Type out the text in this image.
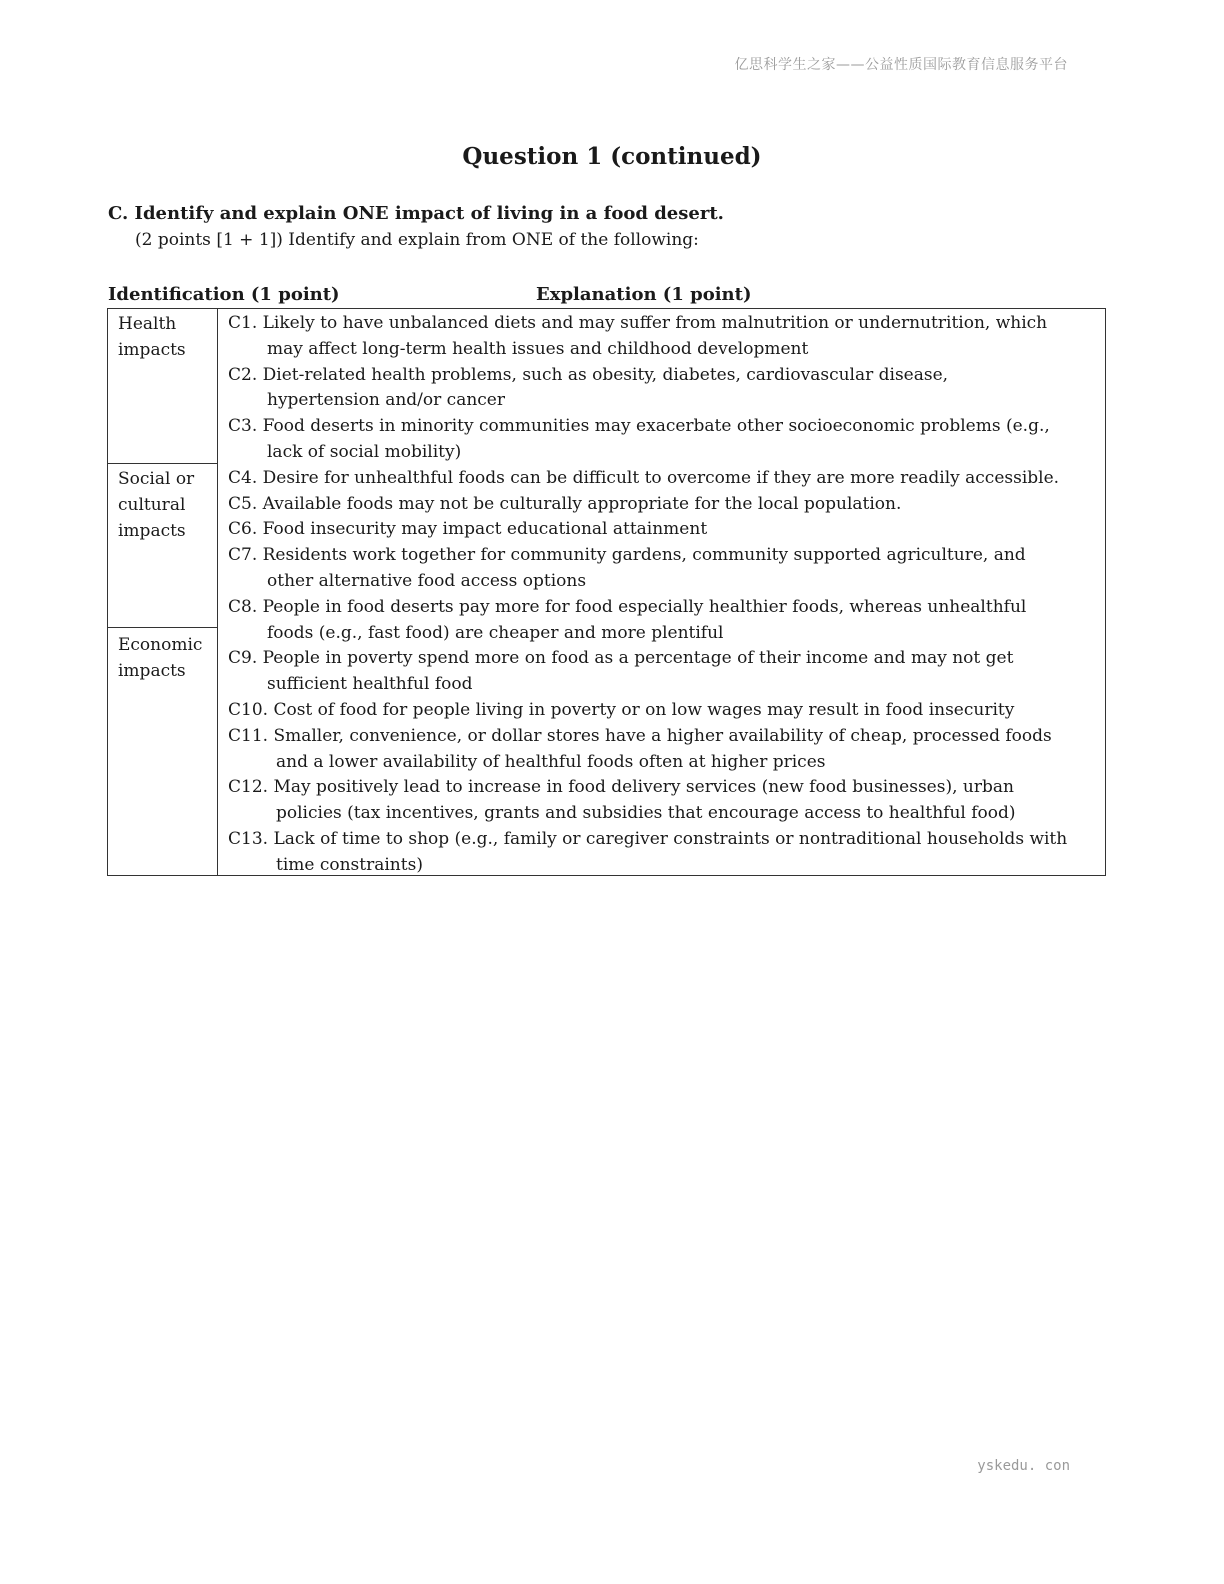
亿思科学生之家——公益性质国际教育信息服务平台
Question 1 (continued)
C. Identify and explain ONE impact of living in a food desert.
(2 points [1 + 1]) Identify and explain from ONE of the following:
Identification (1 point)	Explanation (1 point)
Health
impacts
Social or
cultural
impacts
Economic
impacts
C1. Likely to have unbalanced diets and may suffer from malnutrition or undernutrition, which
may affect long-term health issues and childhood development
C2. Diet-related health problems, such as obesity, diabetes, cardiovascular disease,
hypertension and/or cancer
C3. Food deserts in minority communities may exacerbate other socioeconomic problems (e.g.,
lack of social mobility)
C4. Desire for unhealthful foods can be difficult to overcome if they are more readily accessible.
C5. Available foods may not be culturally appropriate for the local population.
C6. Food insecurity may impact educational attainment
C7. Residents work together for community gardens, community supported agriculture, and
other alternative food access options
C8. People in food deserts pay more for food especially healthier foods, whereas unhealthful
foods (e.g., fast food) are cheaper and more plentiful
C9. People in poverty spend more on food as a percentage of their income and may not get
sufficient healthful food
C10. Cost of food for people living in poverty or on low wages may result in food insecurity
C11. Smaller, convenience, or dollar stores have a higher availability of cheap, processed foods
and a lower availability of healthful foods often at higher prices
C12. May positively lead to increase in food delivery services (new food businesses), urban
policies (tax incentives, grants and subsidies that encourage access to healthful food)
C13. Lack of time to shop (e.g., family or caregiver constraints or nontraditional households with
time constraints)
yskedu. con
